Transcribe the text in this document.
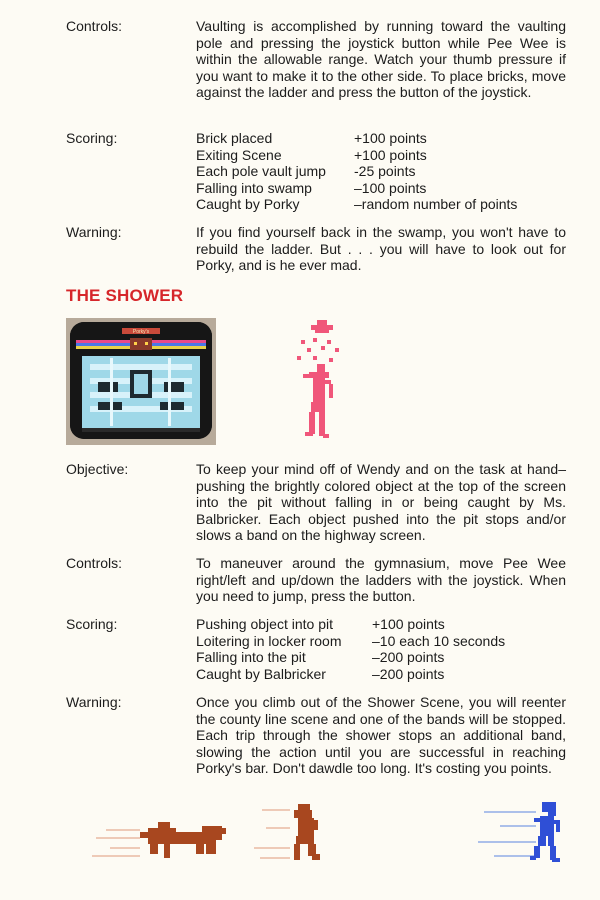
Controls:	Vaulting is accomplished by running toward the vaulting pole and pressing the joystick button while Pee Wee is within the allowable range. Watch your thumb pressure if you want to make it to the other side. To place bricks, move against the ladder and press the button of the joystick.
Scoring:	Brick placed	+100 points
Exiting Scene	+100 points
Each pole vault jump -25 points
Falling into swamp	–100 points
Caught by Porky	–random number of points
Warning:	If you find yourself back in the swamp, you won't have to rebuild the ladder. But . . . you will have to look out for Porky, and is he ever mad.
THE SHOWER
Porky's
Objective:	To keep your mind off of Wendy and on the task at hand–pushing the brightly colored object at the top of the screen into the pit without falling in or being caught by Ms. Balbricker. Each object pushed into the pit stops and/or slows a band on the highway screen.
Controls:	To maneuver around the gymnasium, move Pee Wee right/left and up/down the ladders with the joystick. When you need to jump, press the button.
Scoring:	Pushing object into pit	+100 points
Loitering in locker room –10 each 10 seconds
Falling into the pit	–200 points
Caught by Balbricker	–200 points
Warning:	Once you climb out of the Shower Scene, you will reenter the county line scene and one of the bands will be stopped. Each trip through the shower stops an additional band, slowing the action until you are successful in reaching Porky's bar. Don't dawdle too long. It's costing you points.
